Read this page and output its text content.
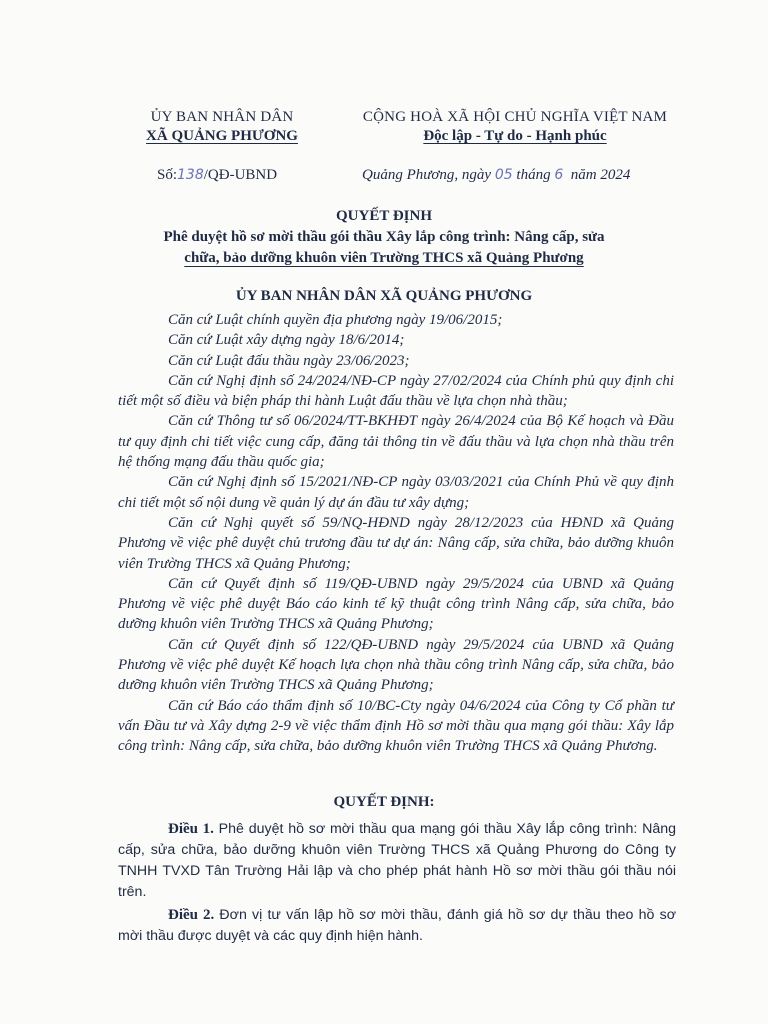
ỦY BAN NHÂN DÂN
XÃ QUẢNG PHƯƠNG
CỘNG HOÀ XÃ HỘI CHỦ NGHĨA VIỆT NAM
Độc lập - Tự do - Hạnh phúc
Số:138/QĐ-UBND	Quảng Phương, ngày 05 tháng 6 năm 2024
QUYẾT ĐỊNH
Phê duyệt hồ sơ mời thầu gói thầu Xây lắp công trình: Nâng cấp, sửa
chữa, bảo dưỡng khuôn viên Trường THCS xã Quảng Phương
ỦY BAN NHÂN DÂN XÃ QUẢNG PHƯƠNG

Căn cứ Luật chính quyền địa phương ngày 19/06/2015;

Căn cứ Luật xây dựng ngày 18/6/2014;

Căn cứ Luật đấu thầu ngày 23/06/2023;

Căn cứ Nghị định số 24/2024/NĐ-CP ngày 27/02/2024 của Chính phủ quy định chi tiết một số điều và biện pháp thi hành Luật đấu thầu về lựa chọn nhà thầu;

Căn cứ Thông tư số 06/2024/TT-BKHĐT ngày 26/4/2024 của Bộ Kế hoạch và Đầu tư quy định chi tiết việc cung cấp, đăng tải thông tin về đấu thầu và lựa chọn nhà thầu trên hệ thống mạng đấu thầu quốc gia;

Căn cứ Nghị định số 15/2021/NĐ-CP ngày 03/03/2021 của Chính Phủ về quy định chi tiết một số nội dung về quản lý dự án đầu tư xây dựng;

Căn cứ Nghị quyết số 59/NQ-HĐND ngày 28/12/2023 của HĐND xã Quảng Phương về việc phê duyệt chủ trương đầu tư dự án: Nâng cấp, sửa chữa, bảo dưỡng khuôn viên Trường THCS xã Quảng Phương;

Căn cứ Quyết định số 119/QĐ-UBND ngày 29/5/2024 của UBND xã Quảng Phương về việc phê duyệt Báo cáo kinh tế kỹ thuật công trình Nâng cấp, sửa chữa, bảo dưỡng khuôn viên Trường THCS xã Quảng Phương;

Căn cứ Quyết định số 122/QĐ-UBND ngày 29/5/2024 của UBND xã Quảng Phương về việc phê duyệt Kế hoạch lựa chọn nhà thầu công trình Nâng cấp, sửa chữa, bảo dưỡng khuôn viên Trường THCS xã Quảng Phương;

Căn cứ Báo cáo thẩm định số 10/BC-Cty ngày 04/6/2024 của Công ty Cổ phần tư vấn Đầu tư và Xây dựng 2-9 về việc thẩm định Hồ sơ mời thầu qua mạng gói thầu: Xây lắp công trình: Nâng cấp, sửa chữa, bảo dưỡng khuôn viên Trường THCS xã Quảng Phương.

QUYẾT ĐỊNH:

Điều 1. Phê duyệt hồ sơ mời thầu qua mạng gói thầu Xây lắp công trình: Nâng cấp, sửa chữa, bảo dưỡng khuôn viên Trường THCS xã Quảng Phương do Công ty TNHH TVXD Tân Trường Hải lập và cho phép phát hành Hồ sơ mời thầu gói thầu nói trên.

Điều 2. Đơn vị tư vấn lập hồ sơ mời thầu, đánh giá hồ sơ dự thầu theo hồ sơ mời thầu được duyệt và các quy định hiện hành.
